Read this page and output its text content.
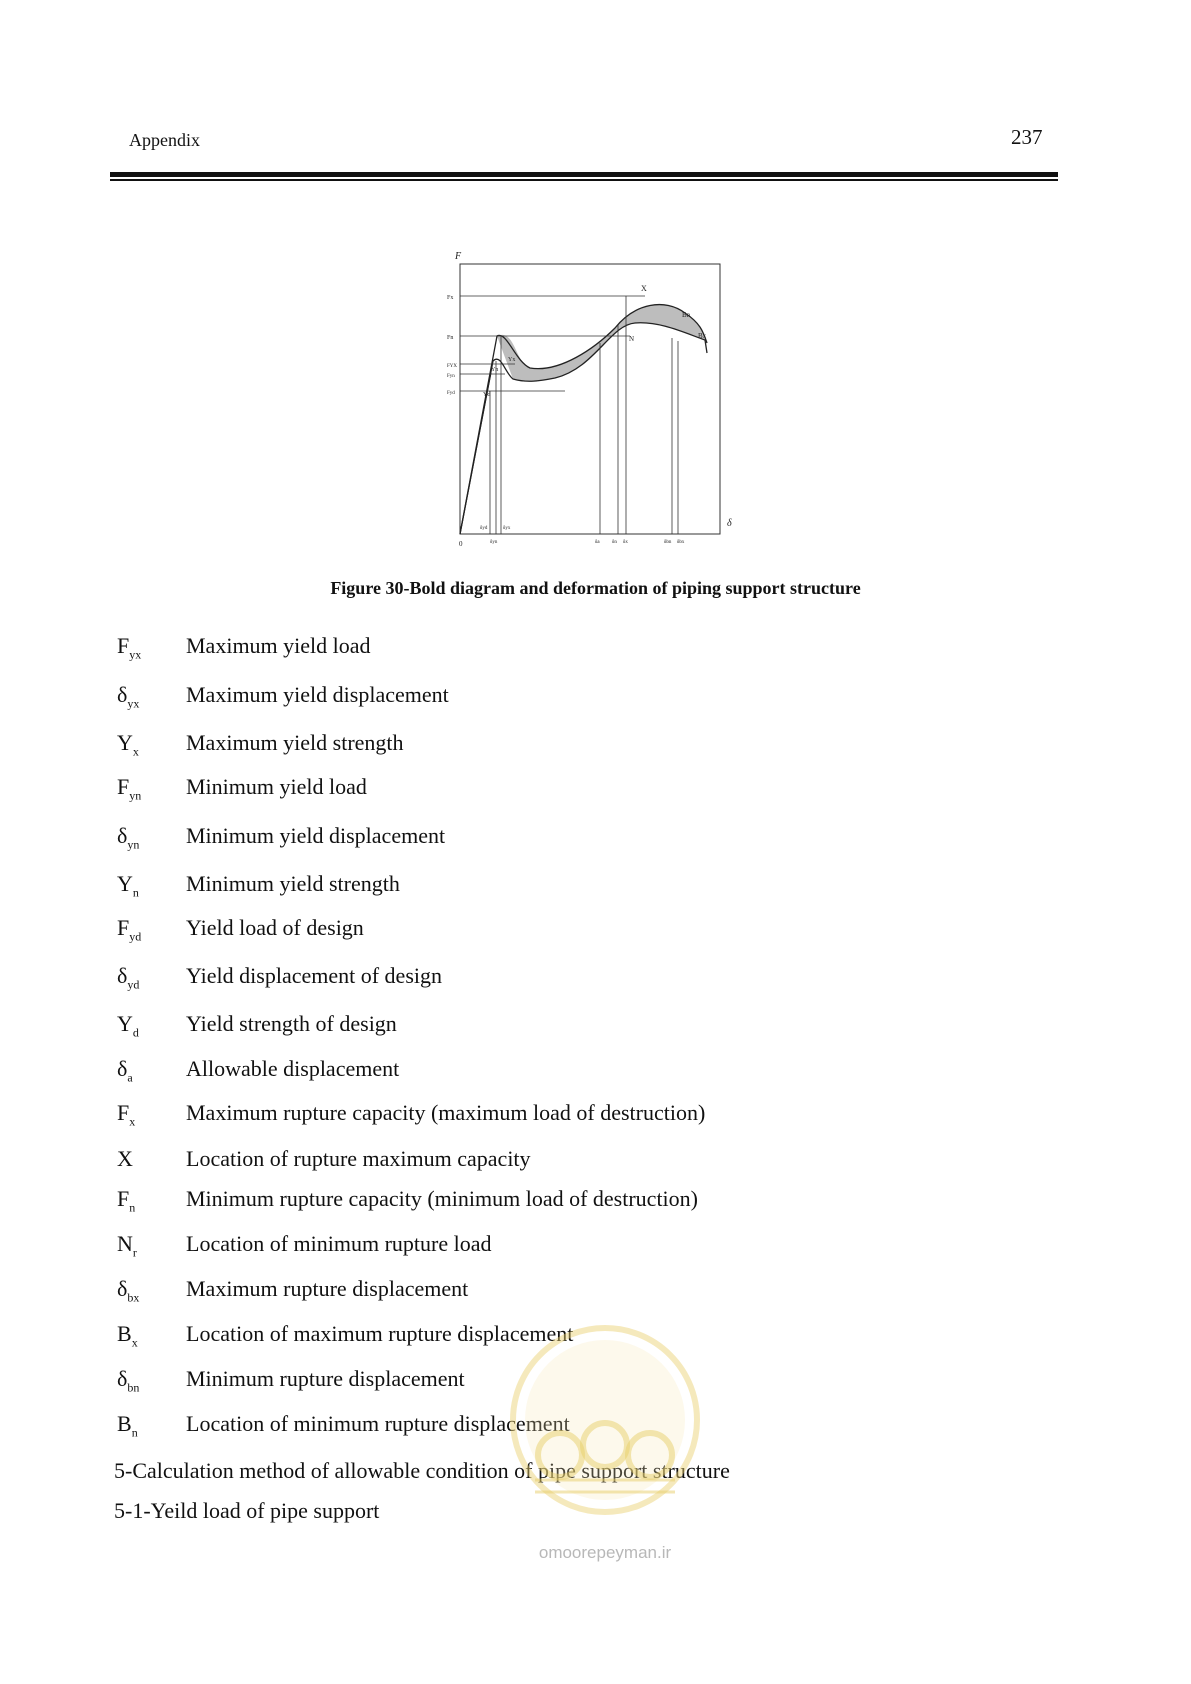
Appendix	237
F
δ
0
Fx
Fn
FYX
Fyn
Fyd
X
N
Bn
Bx
Yx
Yn
Yd
δyd	δyx
δyn	δa δn δx	δbn δbx
Figure 30-Bold diagram and deformation of piping support structure
$F_{yx}$ Maximum yield load
$\delta_{yx}$ Maximum yield displacement
$Y_x$ Maximum yield strength
$F_{yn}$ Minimum yield load
$\delta_{yn}$ Minimum yield displacement
$Y_n$ Minimum yield strength
$F_{yd}$ Yield load of design
$\delta_{yd}$ Yield displacement of design
$Y_d$ Yield strength of design
$\delta_a$ Allowable displacement
$F_x$ Maximum rupture capacity (maximum load of destruction)
X Location of rupture maximum capacity
$F_n$ Minimum rupture capacity (minimum load of destruction)
$N_r$ Location of minimum rupture load
$\delta_{bx}$ Maximum rupture displacement
$B_x$ Location of maximum rupture displacement
$\delta_{bn}$ Minimum rupture displacement
$B_n$ Location of minimum rupture displacement
5-Calculation method of allowable condition of pipe support structure
5-1-Yeild load of pipe support
omoorepeyman.ir
